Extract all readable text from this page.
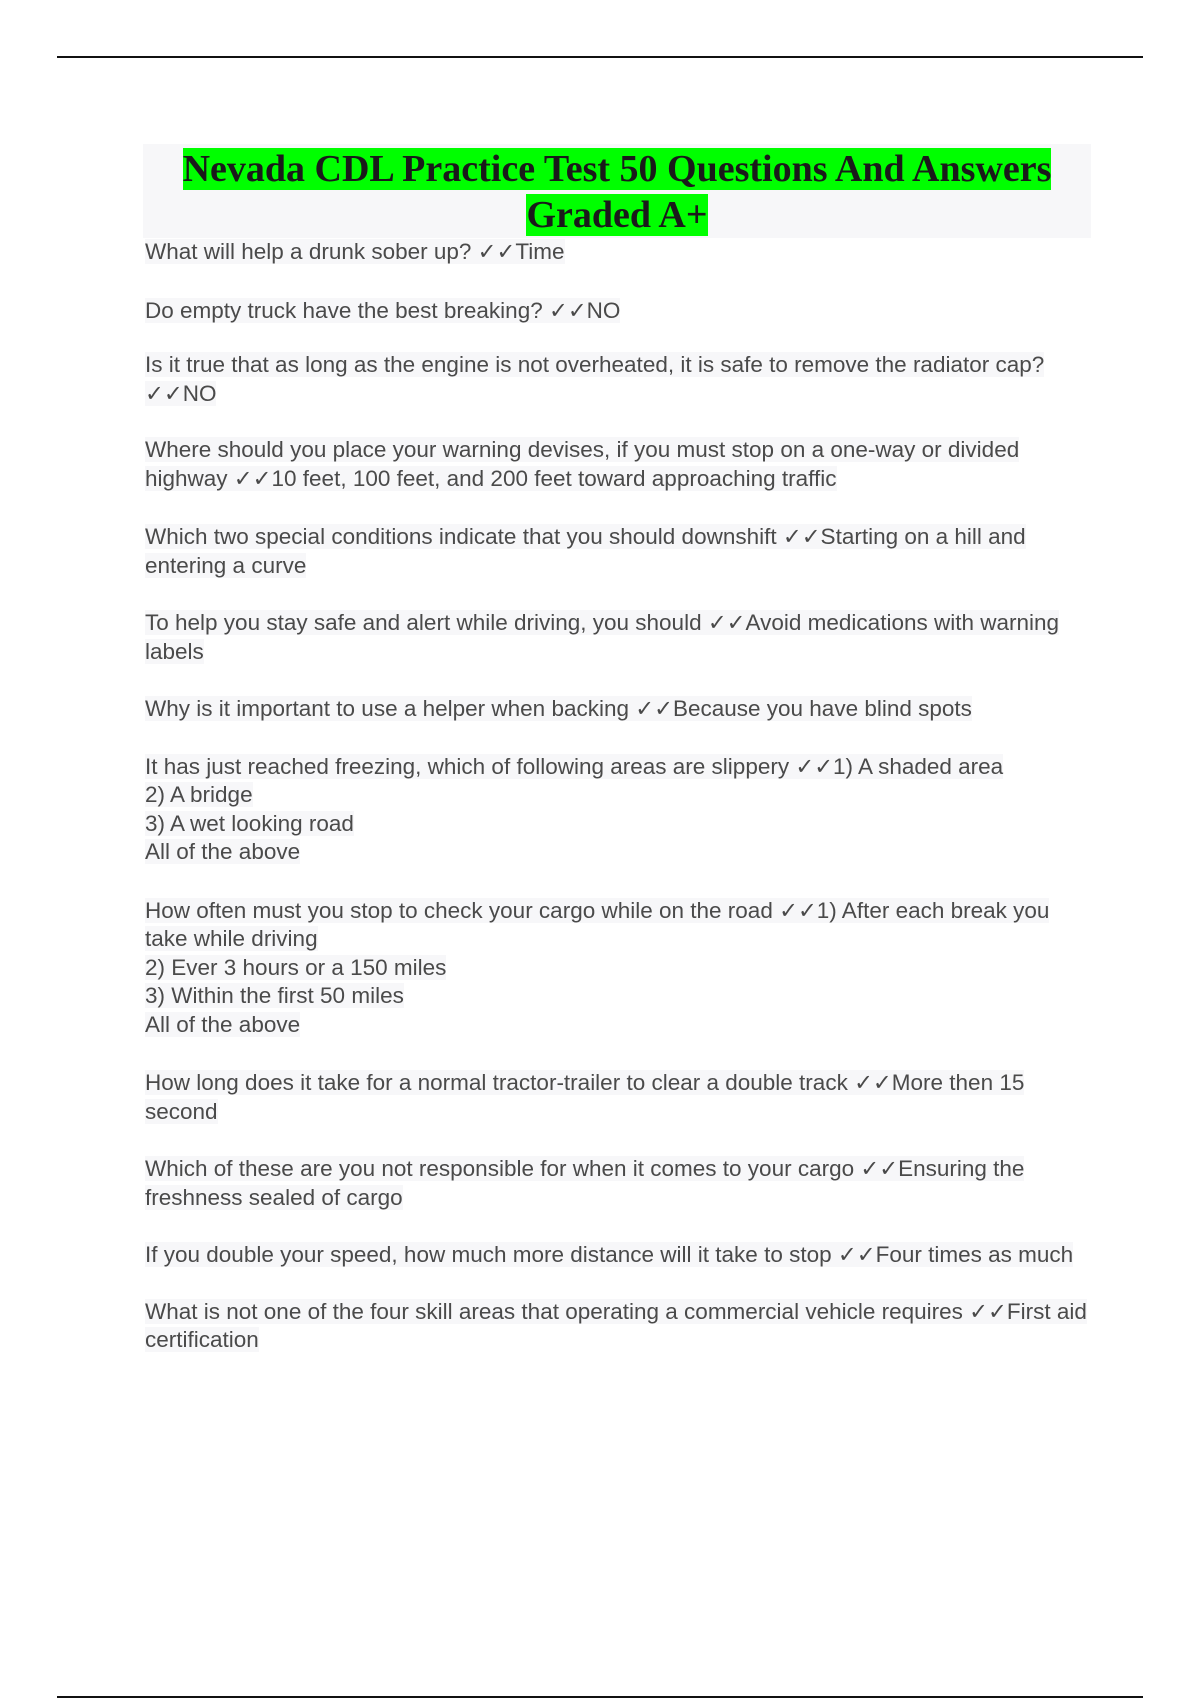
Nevada CDL Practice Test 50 Questions And Answers Graded A+

What will help a drunk sober up? ✓✓Time

Do empty truck have the best breaking? ✓✓NO

Is it true that as long as the engine is not overheated, it is safe to remove the radiator cap? ✓✓NO

Where should you place your warning devises, if you must stop on a one-way or divided highway ✓✓10 feet, 100 feet, and 200 feet toward approaching traffic

Which two special conditions indicate that you should downshift ✓✓Starting on a hill and entering a curve

To help you stay safe and alert while driving, you should ✓✓Avoid medications with warning labels

Why is it important to use a helper when backing ✓✓Because you have blind spots

It has just reached freezing, which of following areas are slippery ✓✓1) A shaded area
2) A bridge
3) A wet looking road
All of the above

How often must you stop to check your cargo while on the road ✓✓1) After each break you take while driving
2) Ever 3 hours or a 150 miles
3) Within the first 50 miles
All of the above

How long does it take for a normal tractor-trailer to clear a double track ✓✓More then 15 second

Which of these are you not responsible for when it comes to your cargo ✓✓Ensuring the freshness sealed of cargo

If you double your speed, how much more distance will it take to stop ✓✓Four times as much

What is not one of the four skill areas that operating a commercial vehicle requires ✓✓First aid certification
